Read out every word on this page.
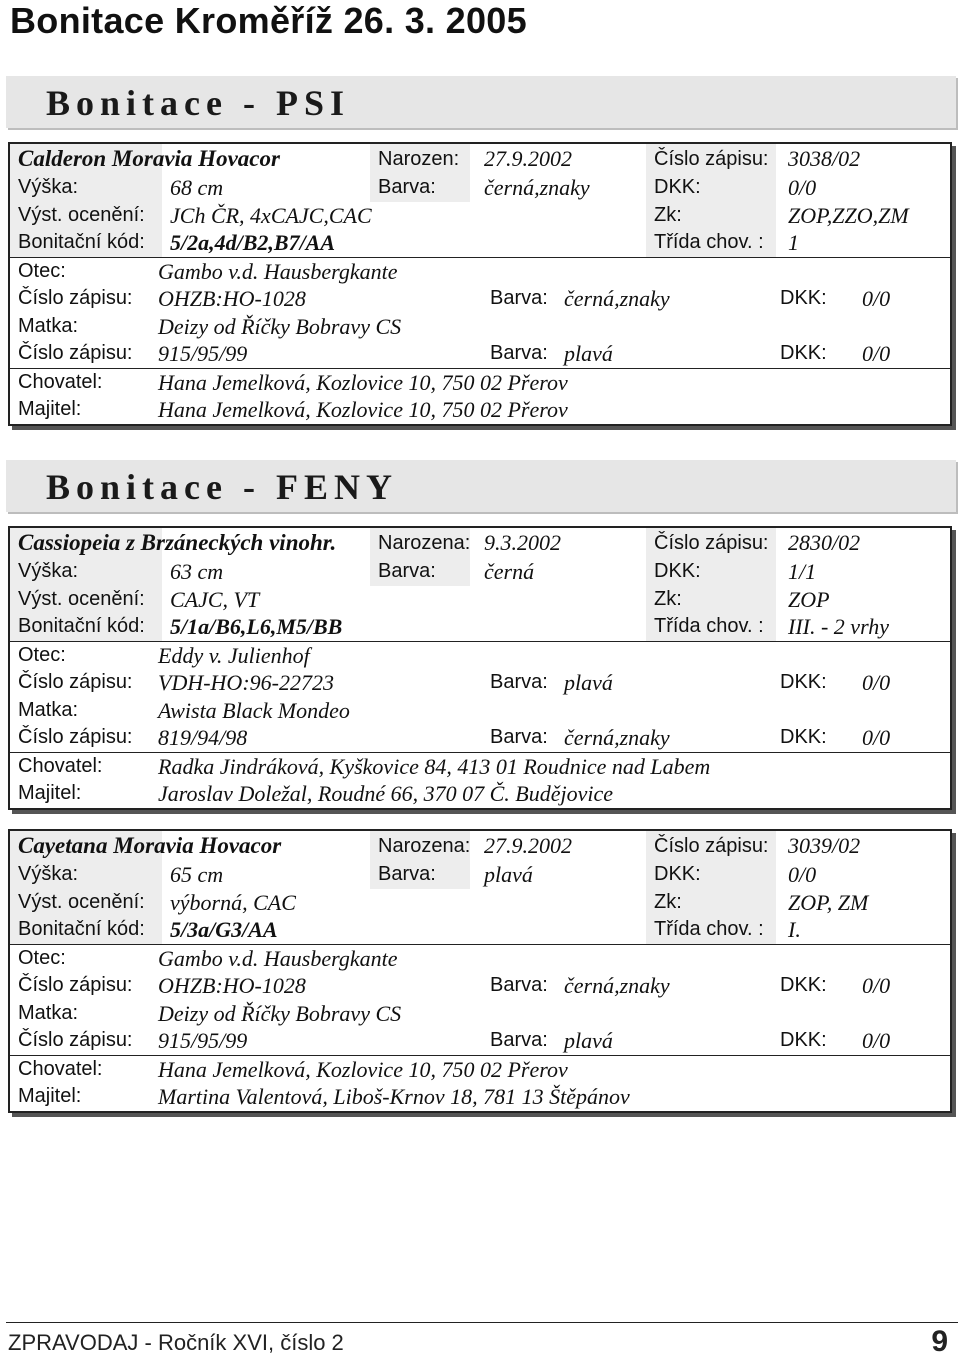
Bonitace Kroměříž 26. 3. 2005
Bonitace - PSI
Calderon Moravia Hovacor	Narozen: 27.9.2002	Číslo zápisu: 3038/02
Výška:	68 cm	Barva: černá,znaky	DKK:	0/0
Výst. ocenění: JCh ČR, 4xCAJC,CAC	Zk:	ZOP,ZZO,ZM
Bonitační kód: 5/2a,4d/B2,B7/AA	Třída chov. : 1
Otec:	Gambo v.d. Hausbergkante
Číslo zápisu: OHZB:HO-1028	Barva: černá,znaky	DKK: 0/0
Matka:	Deizy od Říčky Bobravy CS
Číslo zápisu: 915/95/99	Barva: plavá	DKK: 0/0
Chovatel:	Hana Jemelková, Kozlovice 10, 750 02 Přerov
Majitel:	Hana Jemelková, Kozlovice 10, 750 02 Přerov
Bonitace - FENY
Cassiopeia z Brzáneckých vinohr. Narozena: 9.3.2002	Číslo zápisu: 2830/02
Výška:	63 cm	Barva: černá	DKK:	1/1
Výst. ocenění: CAJC, VT	Zk:	ZOP
Bonitační kód: 5/1a/B6,L6,M5/BB	Třída chov. : III. - 2 vrhy
Otec:	Eddy v. Julienhof
Číslo zápisu: VDH-HO:96-22723	Barva: plavá	DKK: 0/0
Matka:	Awista Black Mondeo
Číslo zápisu: 819/94/98	Barva: černá,znaky	DKK: 0/0
Chovatel:	Radka Jindráková, Kyškovice 84, 413 01 Roudnice nad Labem
Majitel:	Jaroslav Doležal, Roudné 66, 370 07 Č. Budějovice
Cayetana Moravia Hovacor	Narozena: 27.9.2002	Číslo zápisu: 3039/02
Výška:	65 cm	Barva: plavá	DKK:	0/0
Výst. ocenění: výborná, CAC	Zk:	ZOP, ZM
Bonitační kód: 5/3a/G3/AA	Třída chov. : I.
Otec:	Gambo v.d. Hausbergkante
Číslo zápisu: OHZB:HO-1028	Barva: černá,znaky	DKK: 0/0
Matka:	Deizy od Říčky Bobravy CS
Číslo zápisu: 915/95/99	Barva: plavá	DKK: 0/0
Chovatel:	Hana Jemelková, Kozlovice 10, 750 02 Přerov
Majitel:	Martina Valentová, Liboš-Krnov 18, 781 13 Štěpánov
ZPRAVODAJ - Ročník XVI, číslo 2	9
